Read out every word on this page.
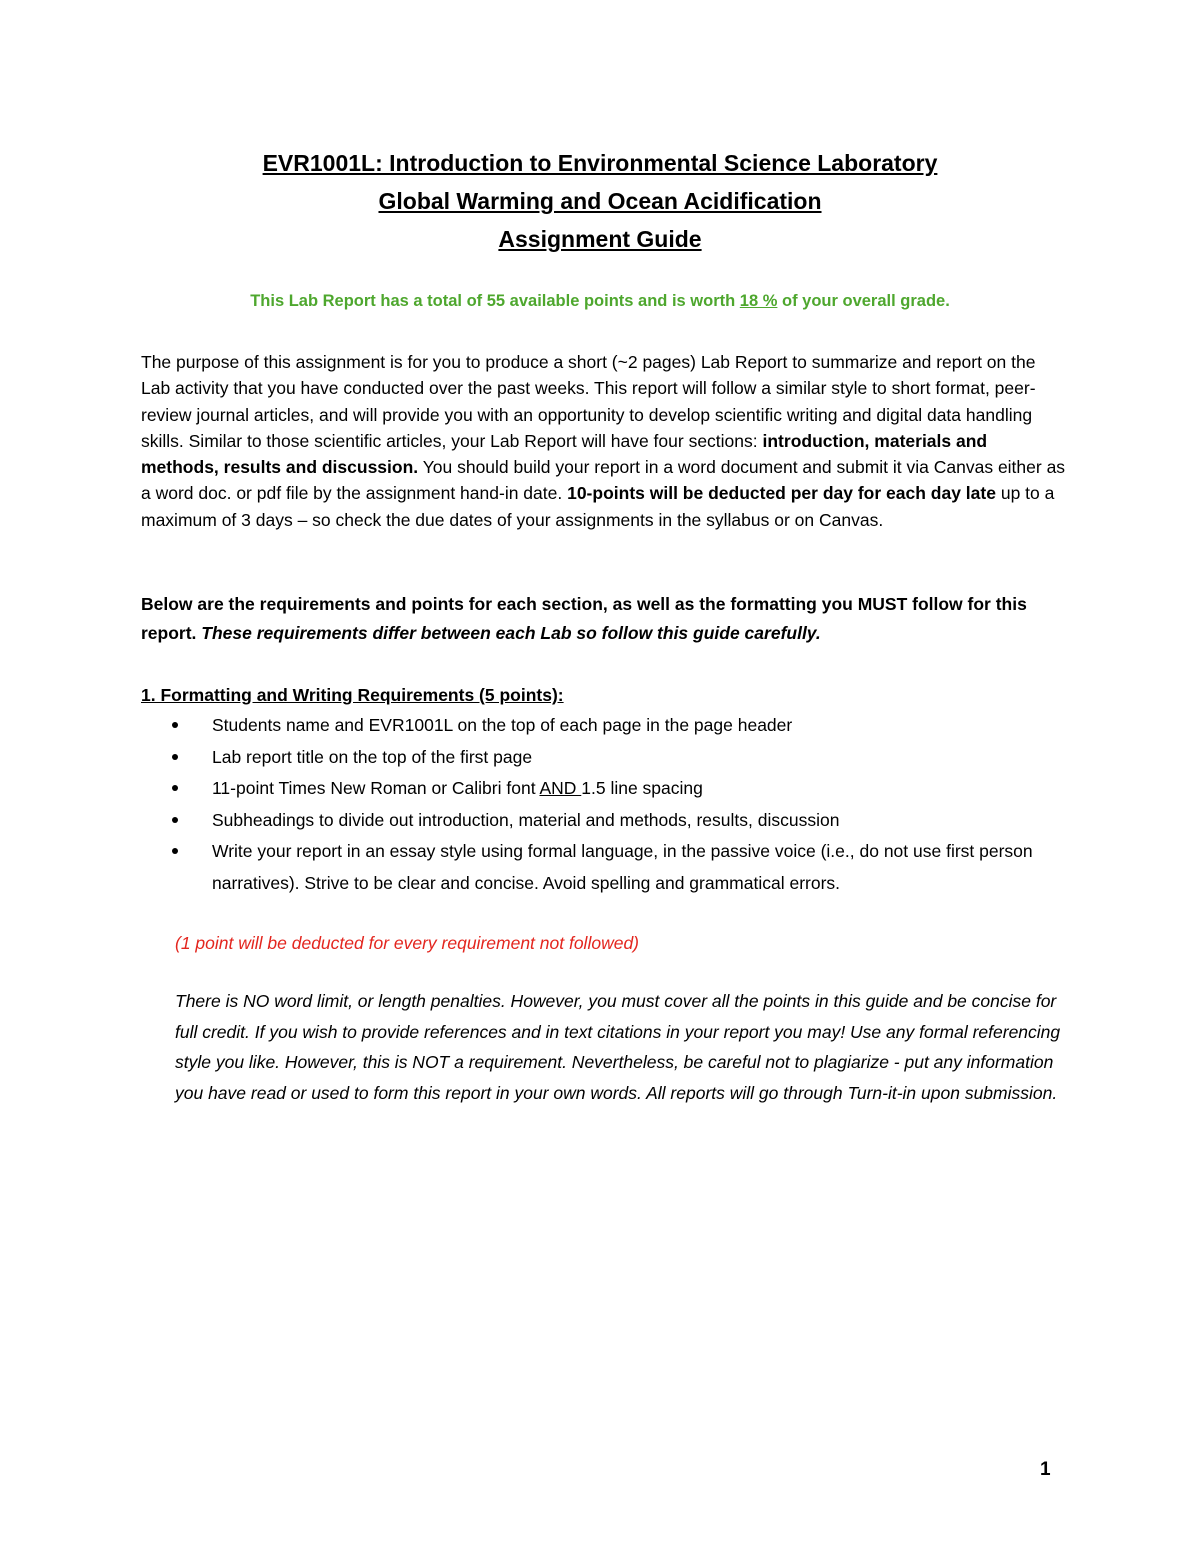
EVR1001L: Introduction to Environmental Science Laboratory
Global Warming and Ocean Acidification
Assignment Guide
This Lab Report has a total of 55 available points and is worth 18 % of your overall grade.
The purpose of this assignment is for you to produce a short (~2 pages) Lab Report to summarize and report on the Lab activity that you have conducted over the past weeks. This report will follow a similar style to short format, peer-review journal articles, and will provide you with an opportunity to develop scientific writing and digital data handling skills. Similar to those scientific articles, your Lab Report will have four sections: introduction, materials and methods, results and discussion. You should build your report in a word document and submit it via Canvas either as a word doc. or pdf file by the assignment hand-in date. 10-points will be deducted per day for each day late up to a maximum of 3 days – so check the due dates of your assignments in the syllabus or on Canvas.
Below are the requirements and points for each section, as well as the formatting you MUST follow for this report. These requirements differ between each Lab so follow this guide carefully.
1. Formatting and Writing Requirements (5 points):
Students name and EVR1001L on the top of each page in the page header
Lab report title on the top of the first page
11-point Times New Roman or Calibri font AND 1.5 line spacing
Subheadings to divide out introduction, material and methods, results, discussion
Write your report in an essay style using formal language, in the passive voice (i.e., do not use first person narratives). Strive to be clear and concise. Avoid spelling and grammatical errors.
(1 point will be deducted for every requirement not followed)
There is NO word limit, or length penalties. However, you must cover all the points in this guide and be concise for full credit. If you wish to provide references and in text citations in your report you may! Use any formal referencing style you like. However, this is NOT a requirement. Nevertheless, be careful not to plagiarize - put any information you have read or used to form this report in your own words. All reports will go through Turn-it-in upon submission.
1
